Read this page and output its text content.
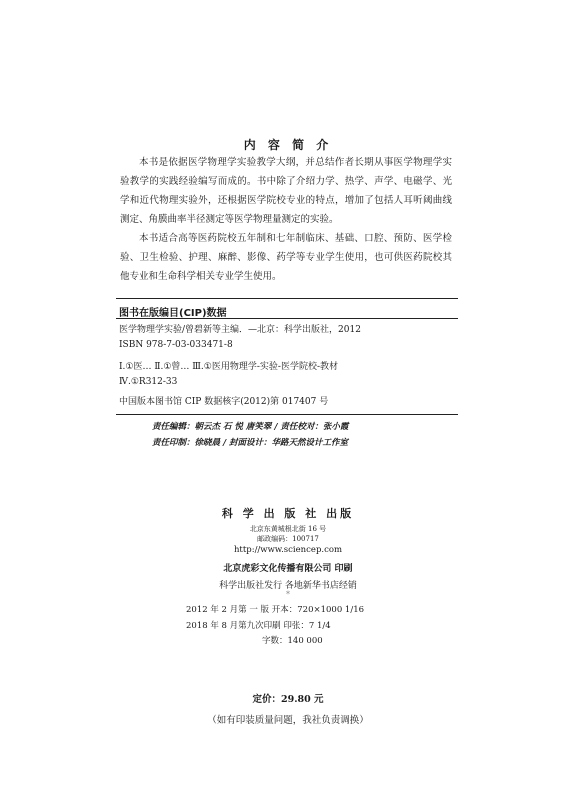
内 容 简 介

本书是依据医学物理学实验教学大纲，并总结作者长期从事医学物理学实验教学的实践经验编写而成的。书中除了介绍力学、热学、声学、电磁学、光学和近代物理实验外，还根据医学院校专业的特点，增加了包括人耳听阈曲线测定、角膜曲率半径测定等医学物理量测定的实验。

本书适合高等医药院校五年制和七年制临床、基础、口腔、预防、医学检验、卫生检验、护理、麻醉、影像、药学等专业学生使用，也可供医药院校其他专业和生命科学相关专业学生使用。

图书在版编目(CIP)数据
医学物理学实验/曾碧新等主编．—北京：科学出版社，2012
ISBN 978-7-03-033471-8
Ⅰ.①医… Ⅱ.①曾… Ⅲ.①医用物理学-实验-医学院校-教材
Ⅳ.①R312-33
中国版本图书馆 CIP 数据核字(2012)第 017407 号
责任编辑：朝云杰 石 悦 唐笑翠 / 责任校对：张小霞
责任印制：徐晓晨 / 封面设计：华路天然设计工作室
科 学 出 版 社 出版
北京东黄城根北街 16 号
邮政编码：100717
http://www.sciencep.com
北京虎彩文化传播有限公司 印刷
科学出版社发行 各地新华书店经销
*
2012 年 2 月第 一 版 开本：720×1000 1/16
2018 年 8 月第九次印刷 印张：7 1/4
字数：140 000
定价：29.80 元
（如有印装质量问题，我社负责调换）
